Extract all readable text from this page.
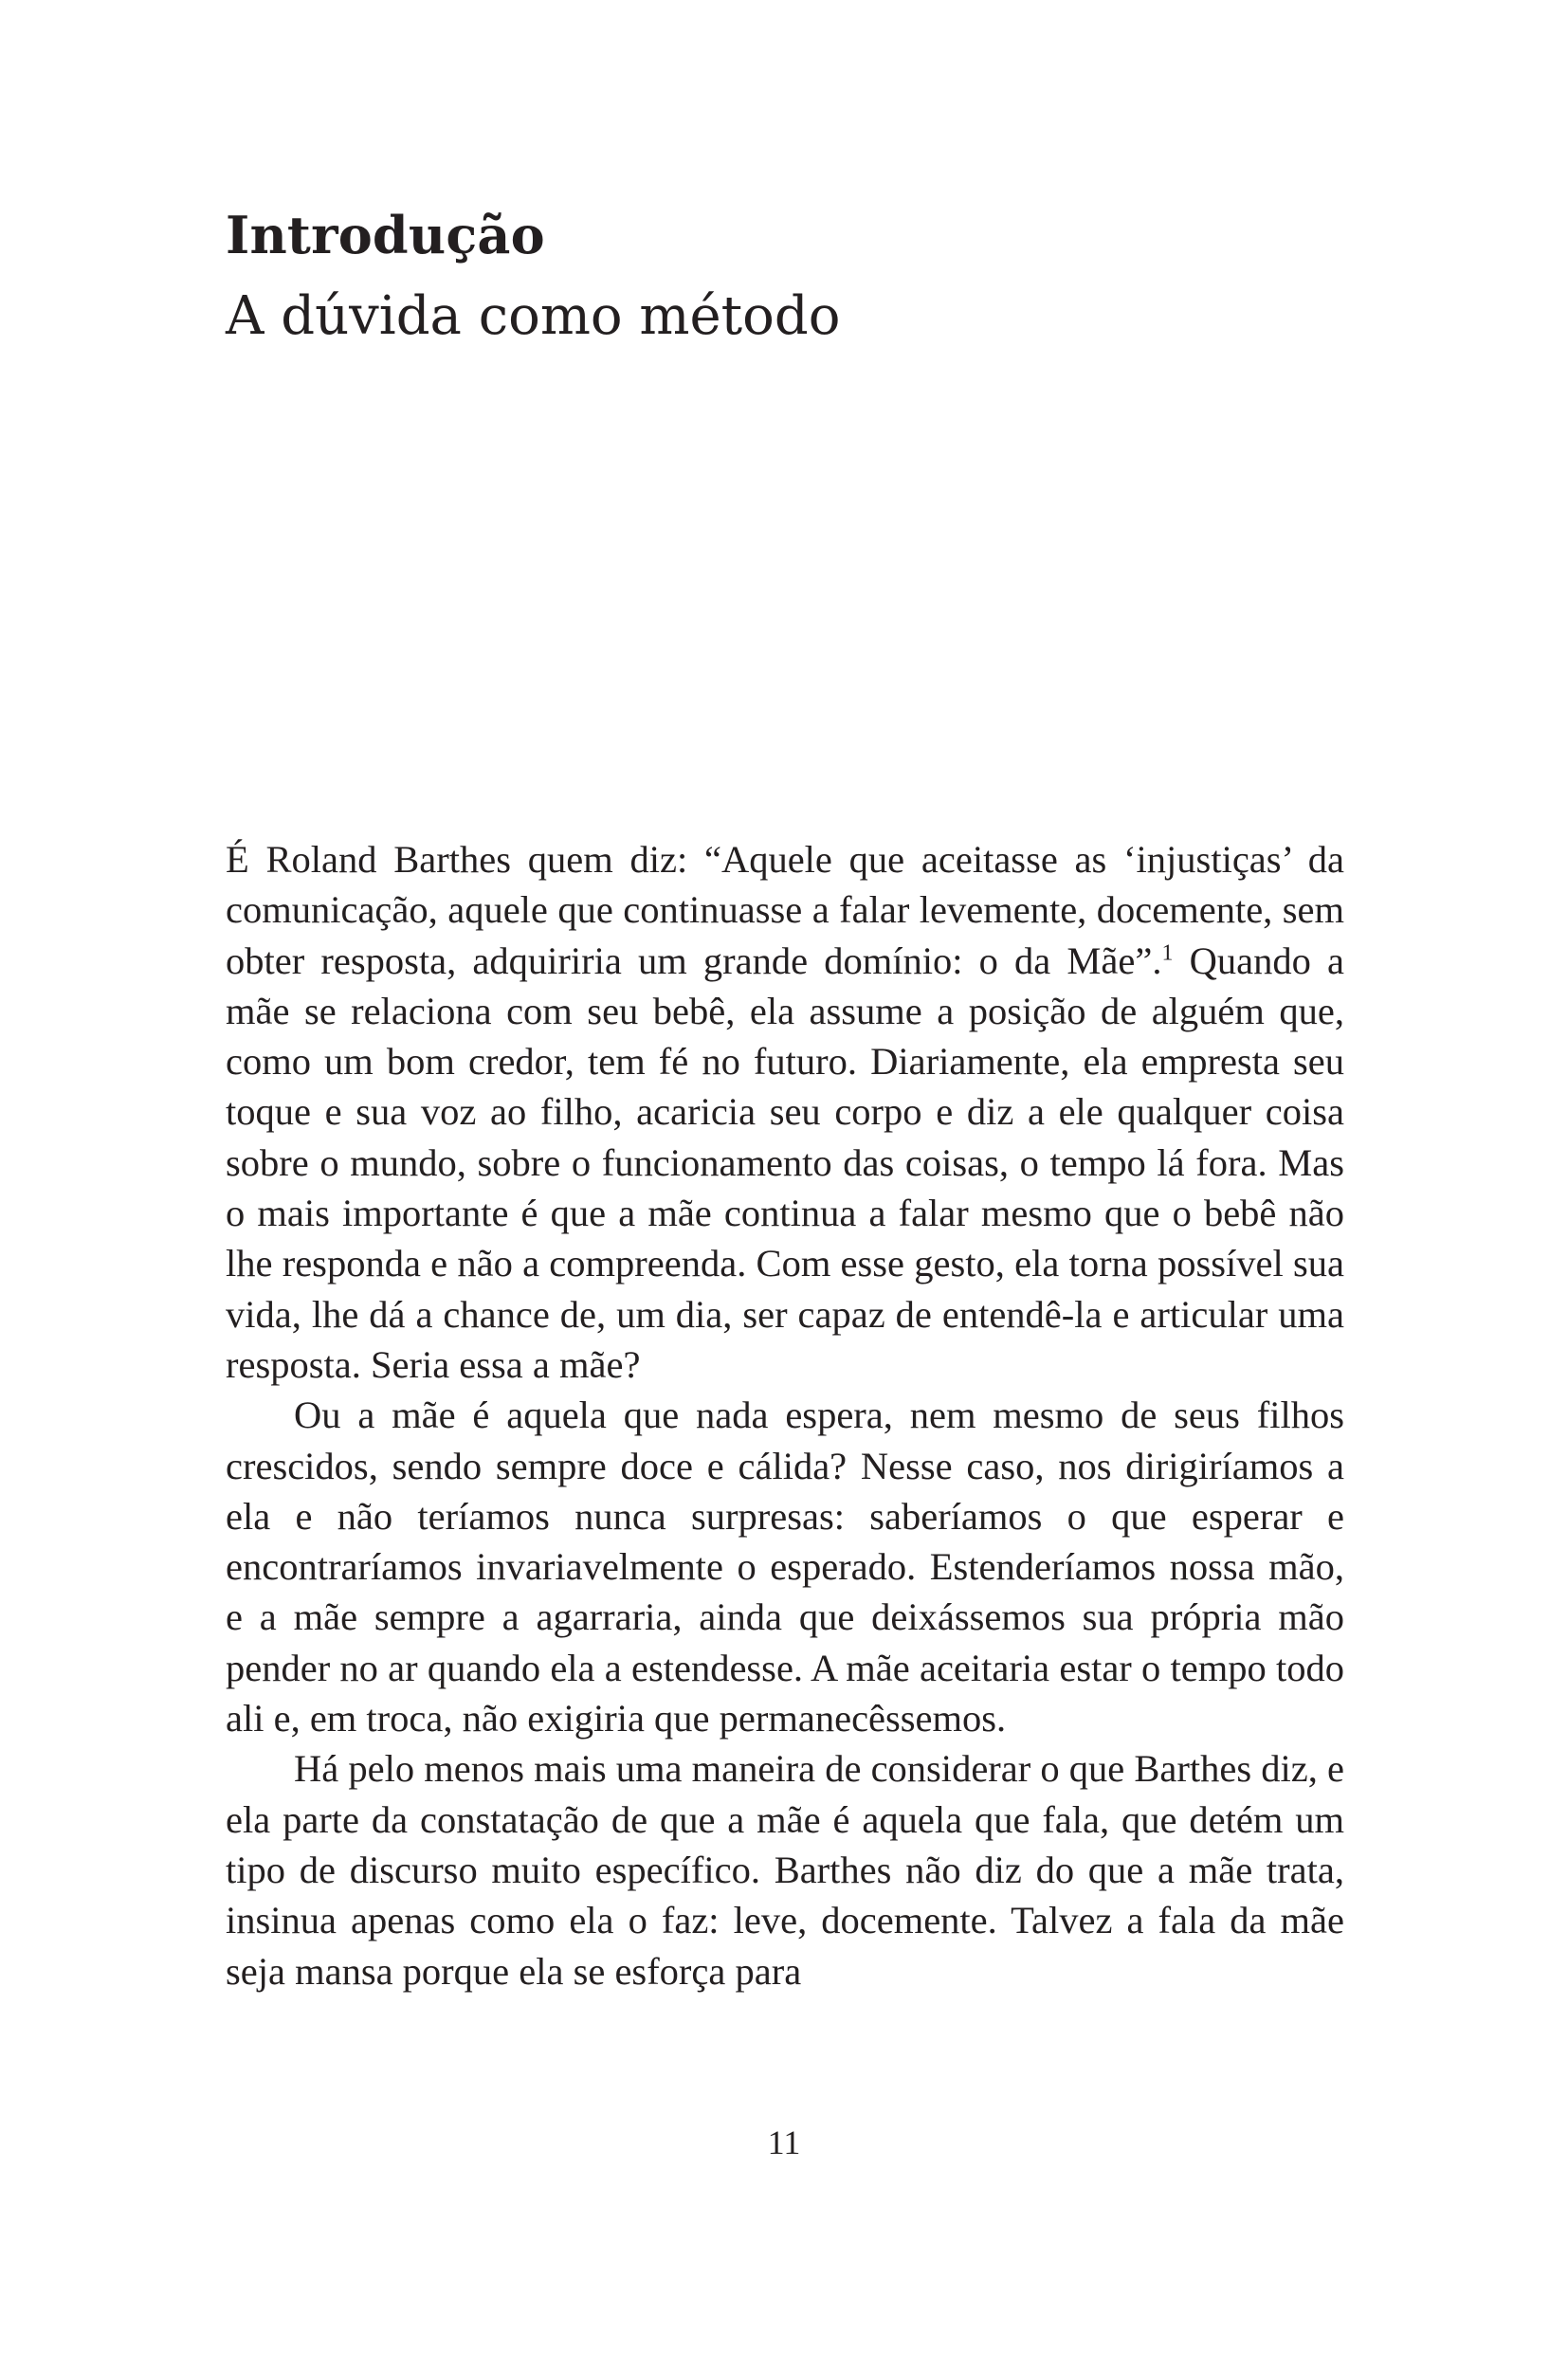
Introdução
A dúvida como método

É Roland Barthes quem diz: “Aquele que aceitasse as ‘injustiças’ da comunicação, aquele que continuasse a falar levemente, docemente, sem obter resposta, adquiriria um grande domínio: o da Mãe”.$^1$ Quando a mãe se relaciona com seu bebê, ela assume a posição de alguém que, como um bom credor, tem fé no futuro. Diariamente, ela empresta seu toque e sua voz ao filho, acaricia seu corpo e diz a ele qualquer coisa sobre o mundo, sobre o funcionamento das coisas, o tempo lá fora. Mas o mais importante é que a mãe continua a falar mesmo que o bebê não lhe responda e não a compreenda. Com esse gesto, ela torna possível sua vida, lhe dá a chance de, um dia, ser capaz de entendê-la e articular uma resposta. Seria essa a mãe?

Ou a mãe é aquela que nada espera, nem mesmo de seus filhos crescidos, sendo sempre doce e cálida? Nesse caso, nos dirigiríamos a ela e não teríamos nunca surpresas: saberíamos o que esperar e encontraríamos invariavelmente o esperado. Estenderíamos nossa mão, e a mãe sempre a agarraria, ainda que deixássemos sua própria mão pender no ar quando ela a estendesse. A mãe aceitaria estar o tempo todo ali e, em troca, não exigiria que permanecêssemos.

Há pelo menos mais uma maneira de considerar o que Barthes diz, e ela parte da constatação de que a mãe é aquela que fala, que detém um tipo de discurso muito específico. Barthes não diz do que a mãe trata, insinua apenas como ela o faz: leve, docemente. Talvez a fala da mãe seja mansa porque ela se esforça para

11
